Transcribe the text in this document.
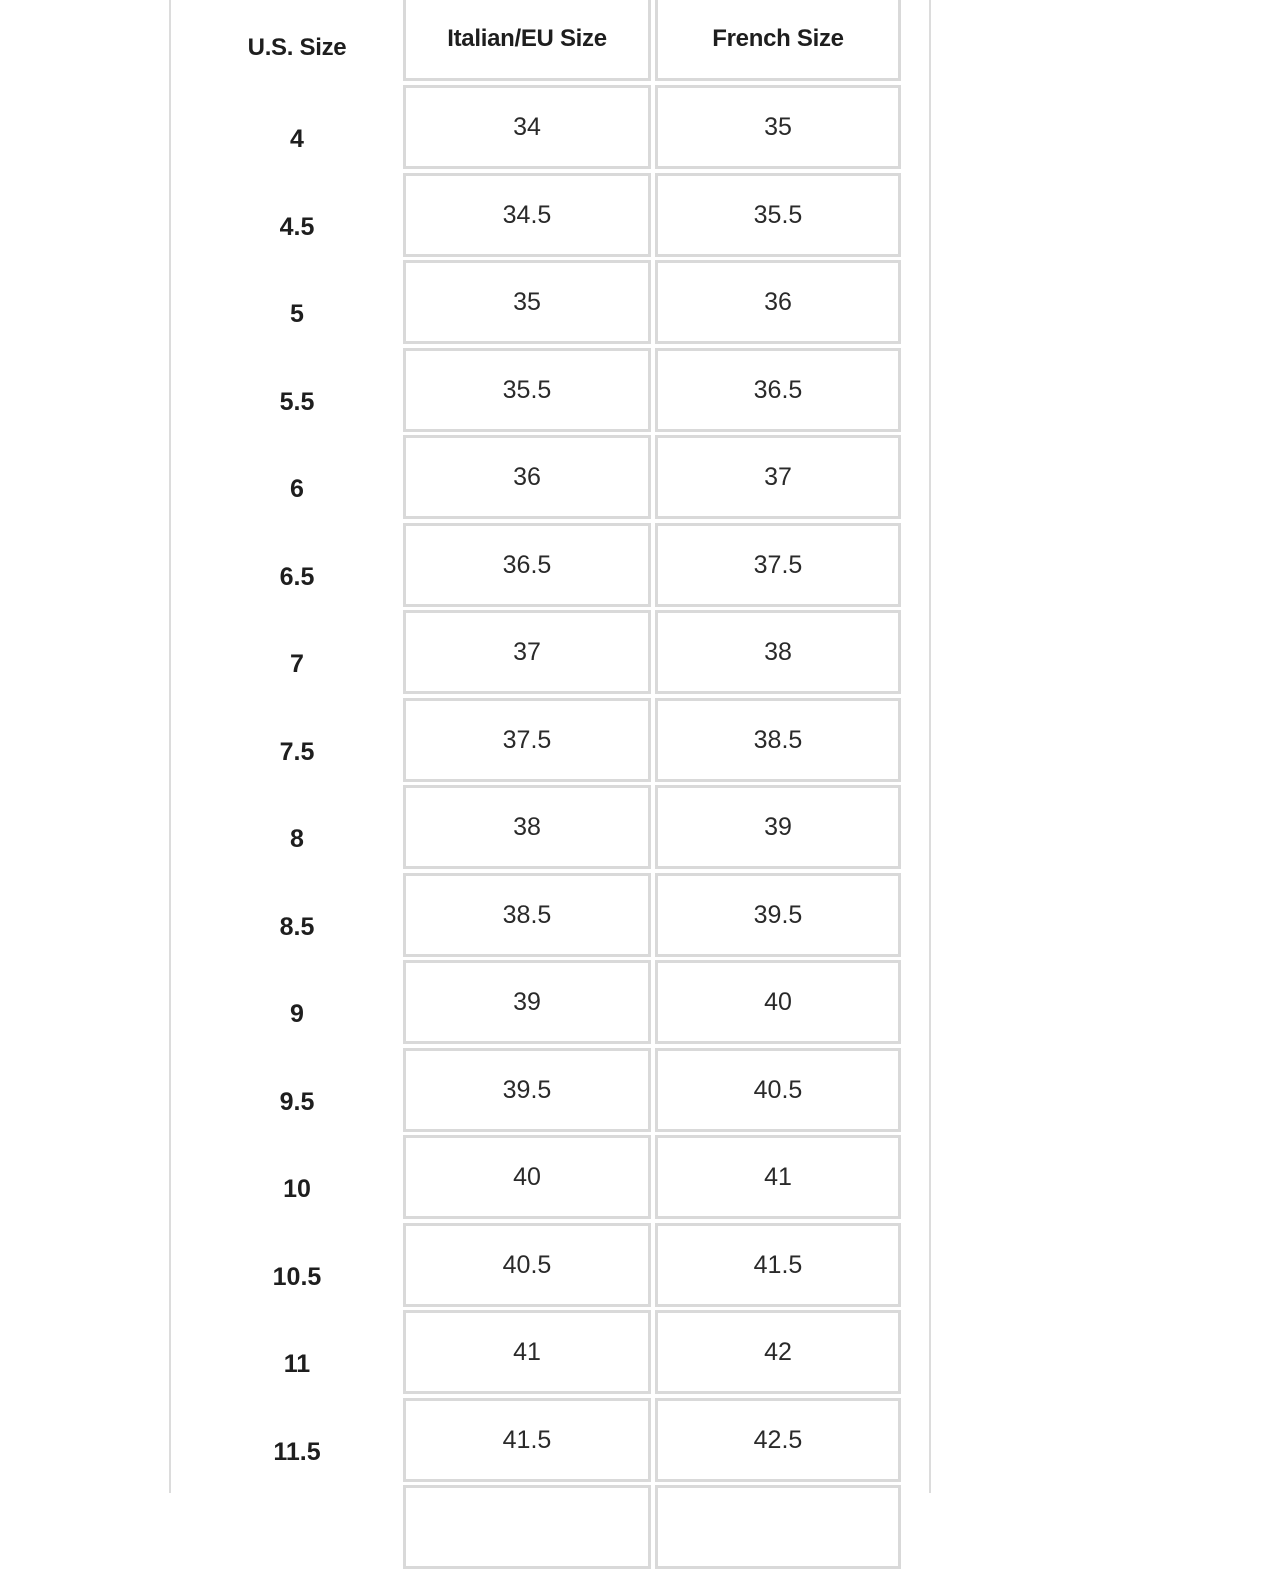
U.S. Size	Italian/EU Size	French Size
4	34	35
4.5	34.5	35.5
5	35	36
5.5	35.5	36.5
6	36	37
6.5	36.5	37.5
7	37	38
7.5	37.5	38.5
8	38	39
8.5	38.5	39.5
9	39	40
9.5	39.5	40.5
10	40	41
10.5	40.5	41.5
11	41	42
11.5	41.5	42.5
